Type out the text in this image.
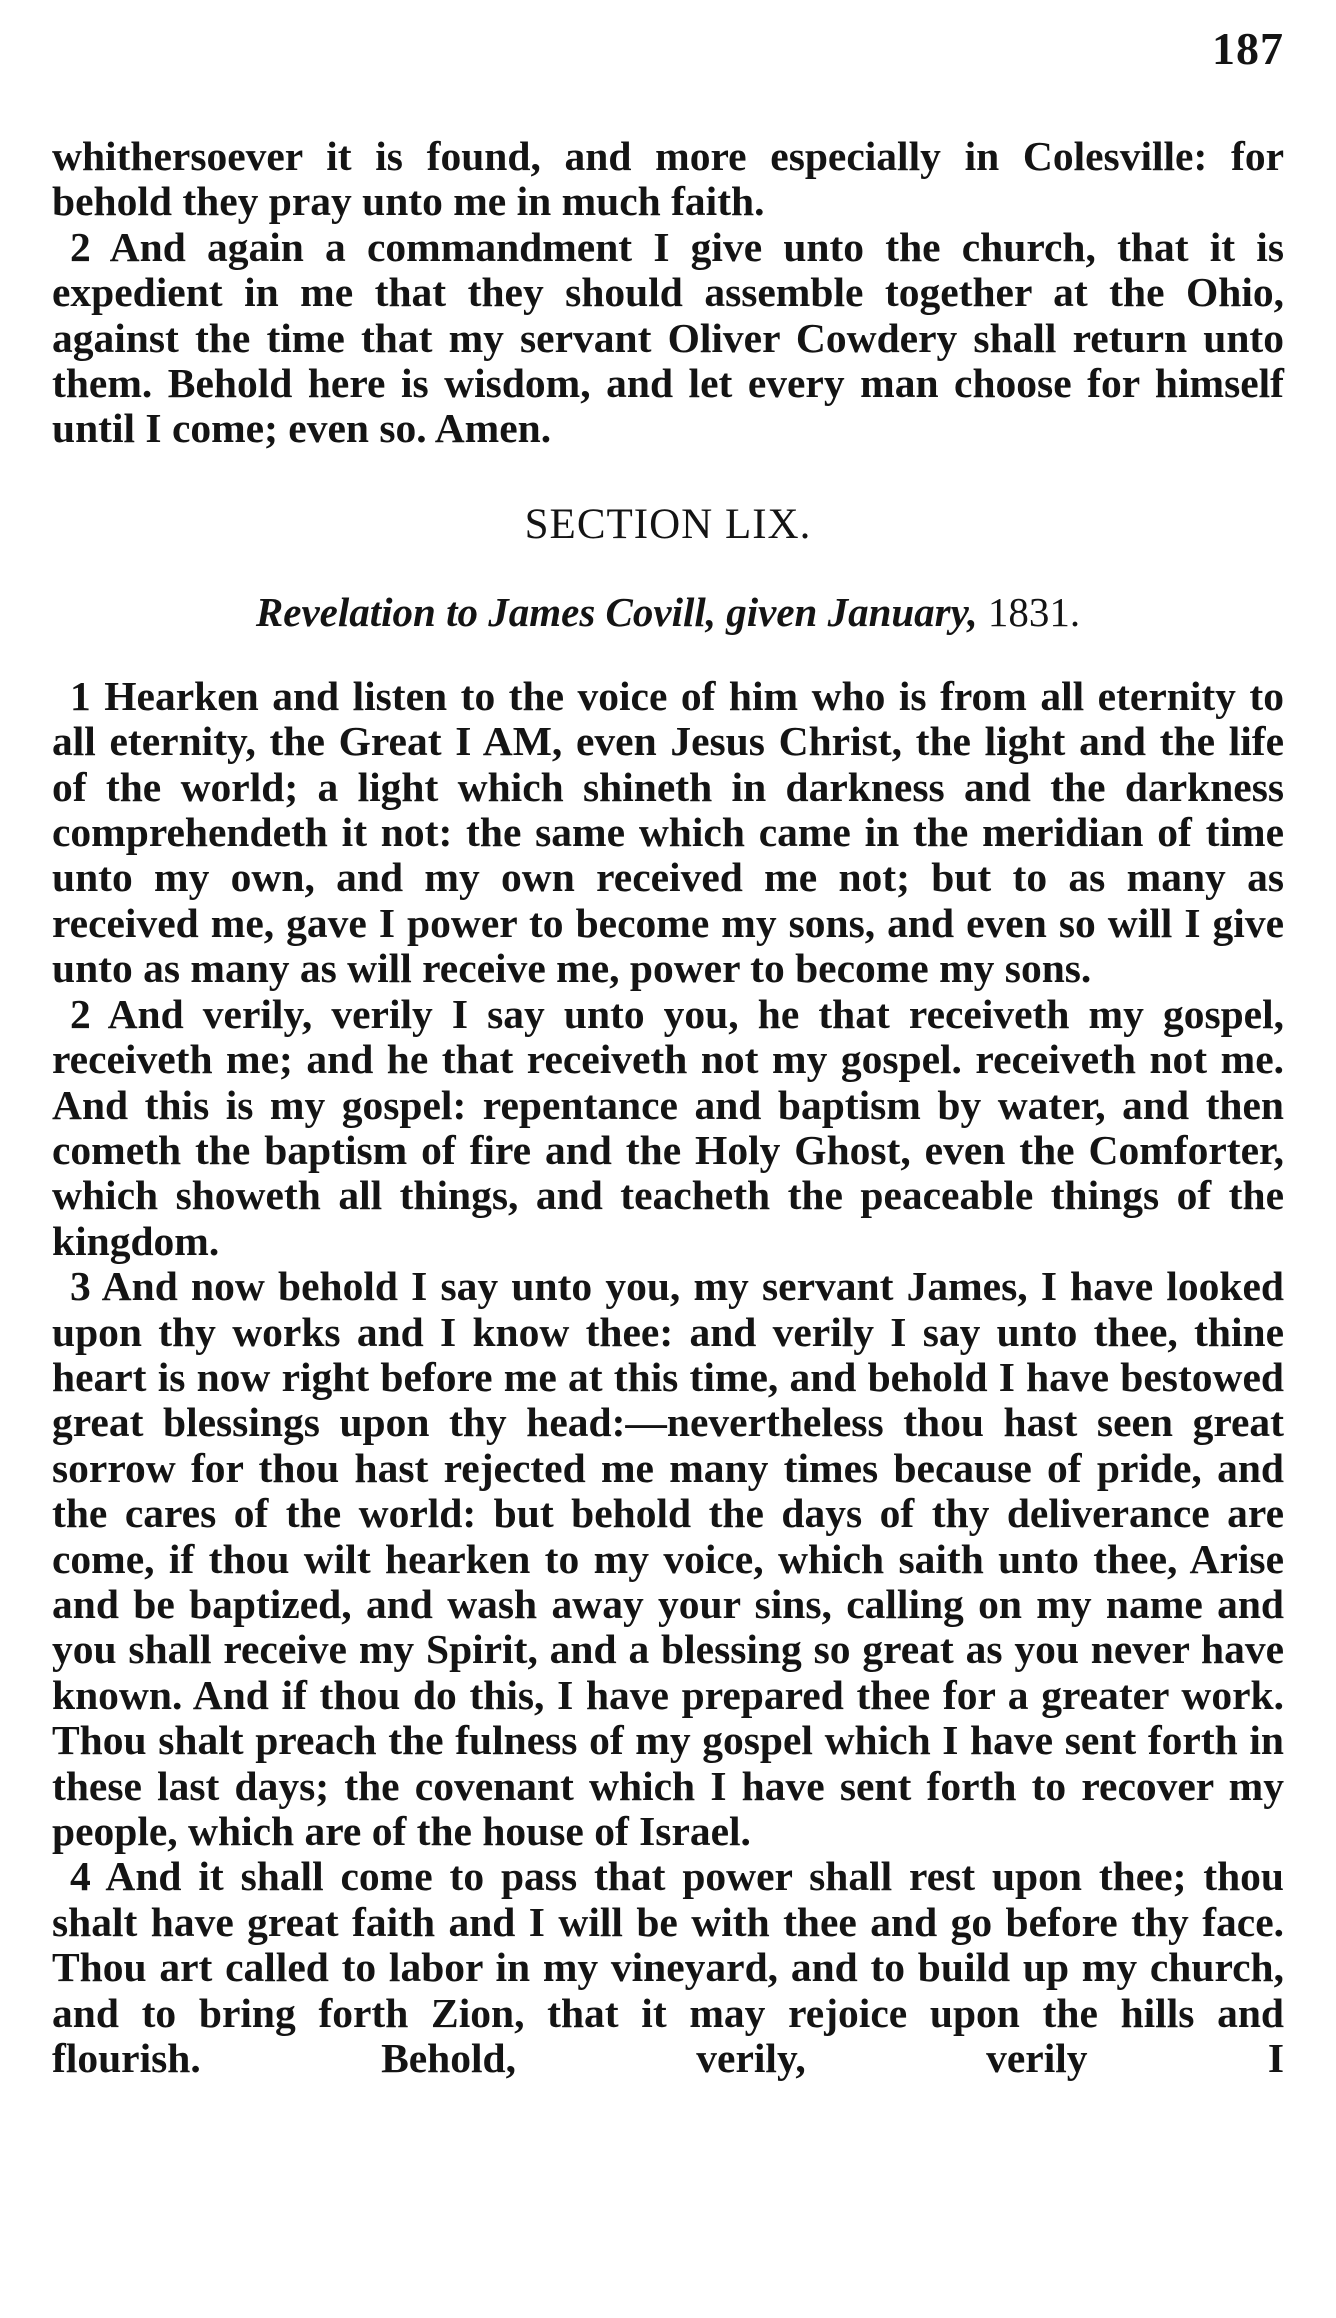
187

whithersoever it is found, and more especially in Colesville: for behold they pray unto me in much faith.

2 And again a commandment I give unto the church, that it is expedient in me that they should assemble together at the Ohio, against the time that my servant Oliver Cowdery shall return unto them. Behold here is wisdom, and let every man choose for himself until I come; even so. Amen.

SECTION LIX.
Revelation to James Covill, given January, 1831.

1 Hearken and listen to the voice of him who is from all eternity to all eternity, the Great I AM, even Jesus Christ, the light and the life of the world; a light which shineth in darkness and the darkness comprehendeth it not: the same which came in the meridian of time unto my own, and my own received me not; but to as many as received me, gave I power to become my sons, and even so will I give unto as many as will receive me, power to become my sons.

2 And verily, verily I say unto you, he that receiveth my gospel, receiveth me; and he that receiveth not my gospel. receiveth not me. And this is my gospel: repentance and baptism by water, and then cometh the baptism of fire and the Holy Ghost, even the Comforter, which showeth all things, and teacheth the peaceable things of the kingdom.

3 And now behold I say unto you, my servant James, I have looked upon thy works and I know thee: and verily I say unto thee, thine heart is now right before me at this time, and behold I have bestowed great blessings upon thy head:—nevertheless thou hast seen great sorrow for thou hast rejected me many times because of pride, and the cares of the world: but behold the days of thy deliverance are come, if thou wilt hearken to my voice, which saith unto thee, Arise and be baptized, and wash away your sins, calling on my name and you shall receive my Spirit, and a blessing so great as you never have known. And if thou do this, I have prepared thee for a greater work. Thou shalt preach the fulness of my gospel which I have sent forth in these last days; the covenant which I have sent forth to recover my people, which are of the house of Israel.

4 And it shall come to pass that power shall rest upon thee; thou shalt have great faith and I will be with thee and go before thy face. Thou art called to labor in my vineyard, and to build up my church, and to bring forth Zion, that it may rejoice upon the hills and flourish. Behold, verily, verily I
